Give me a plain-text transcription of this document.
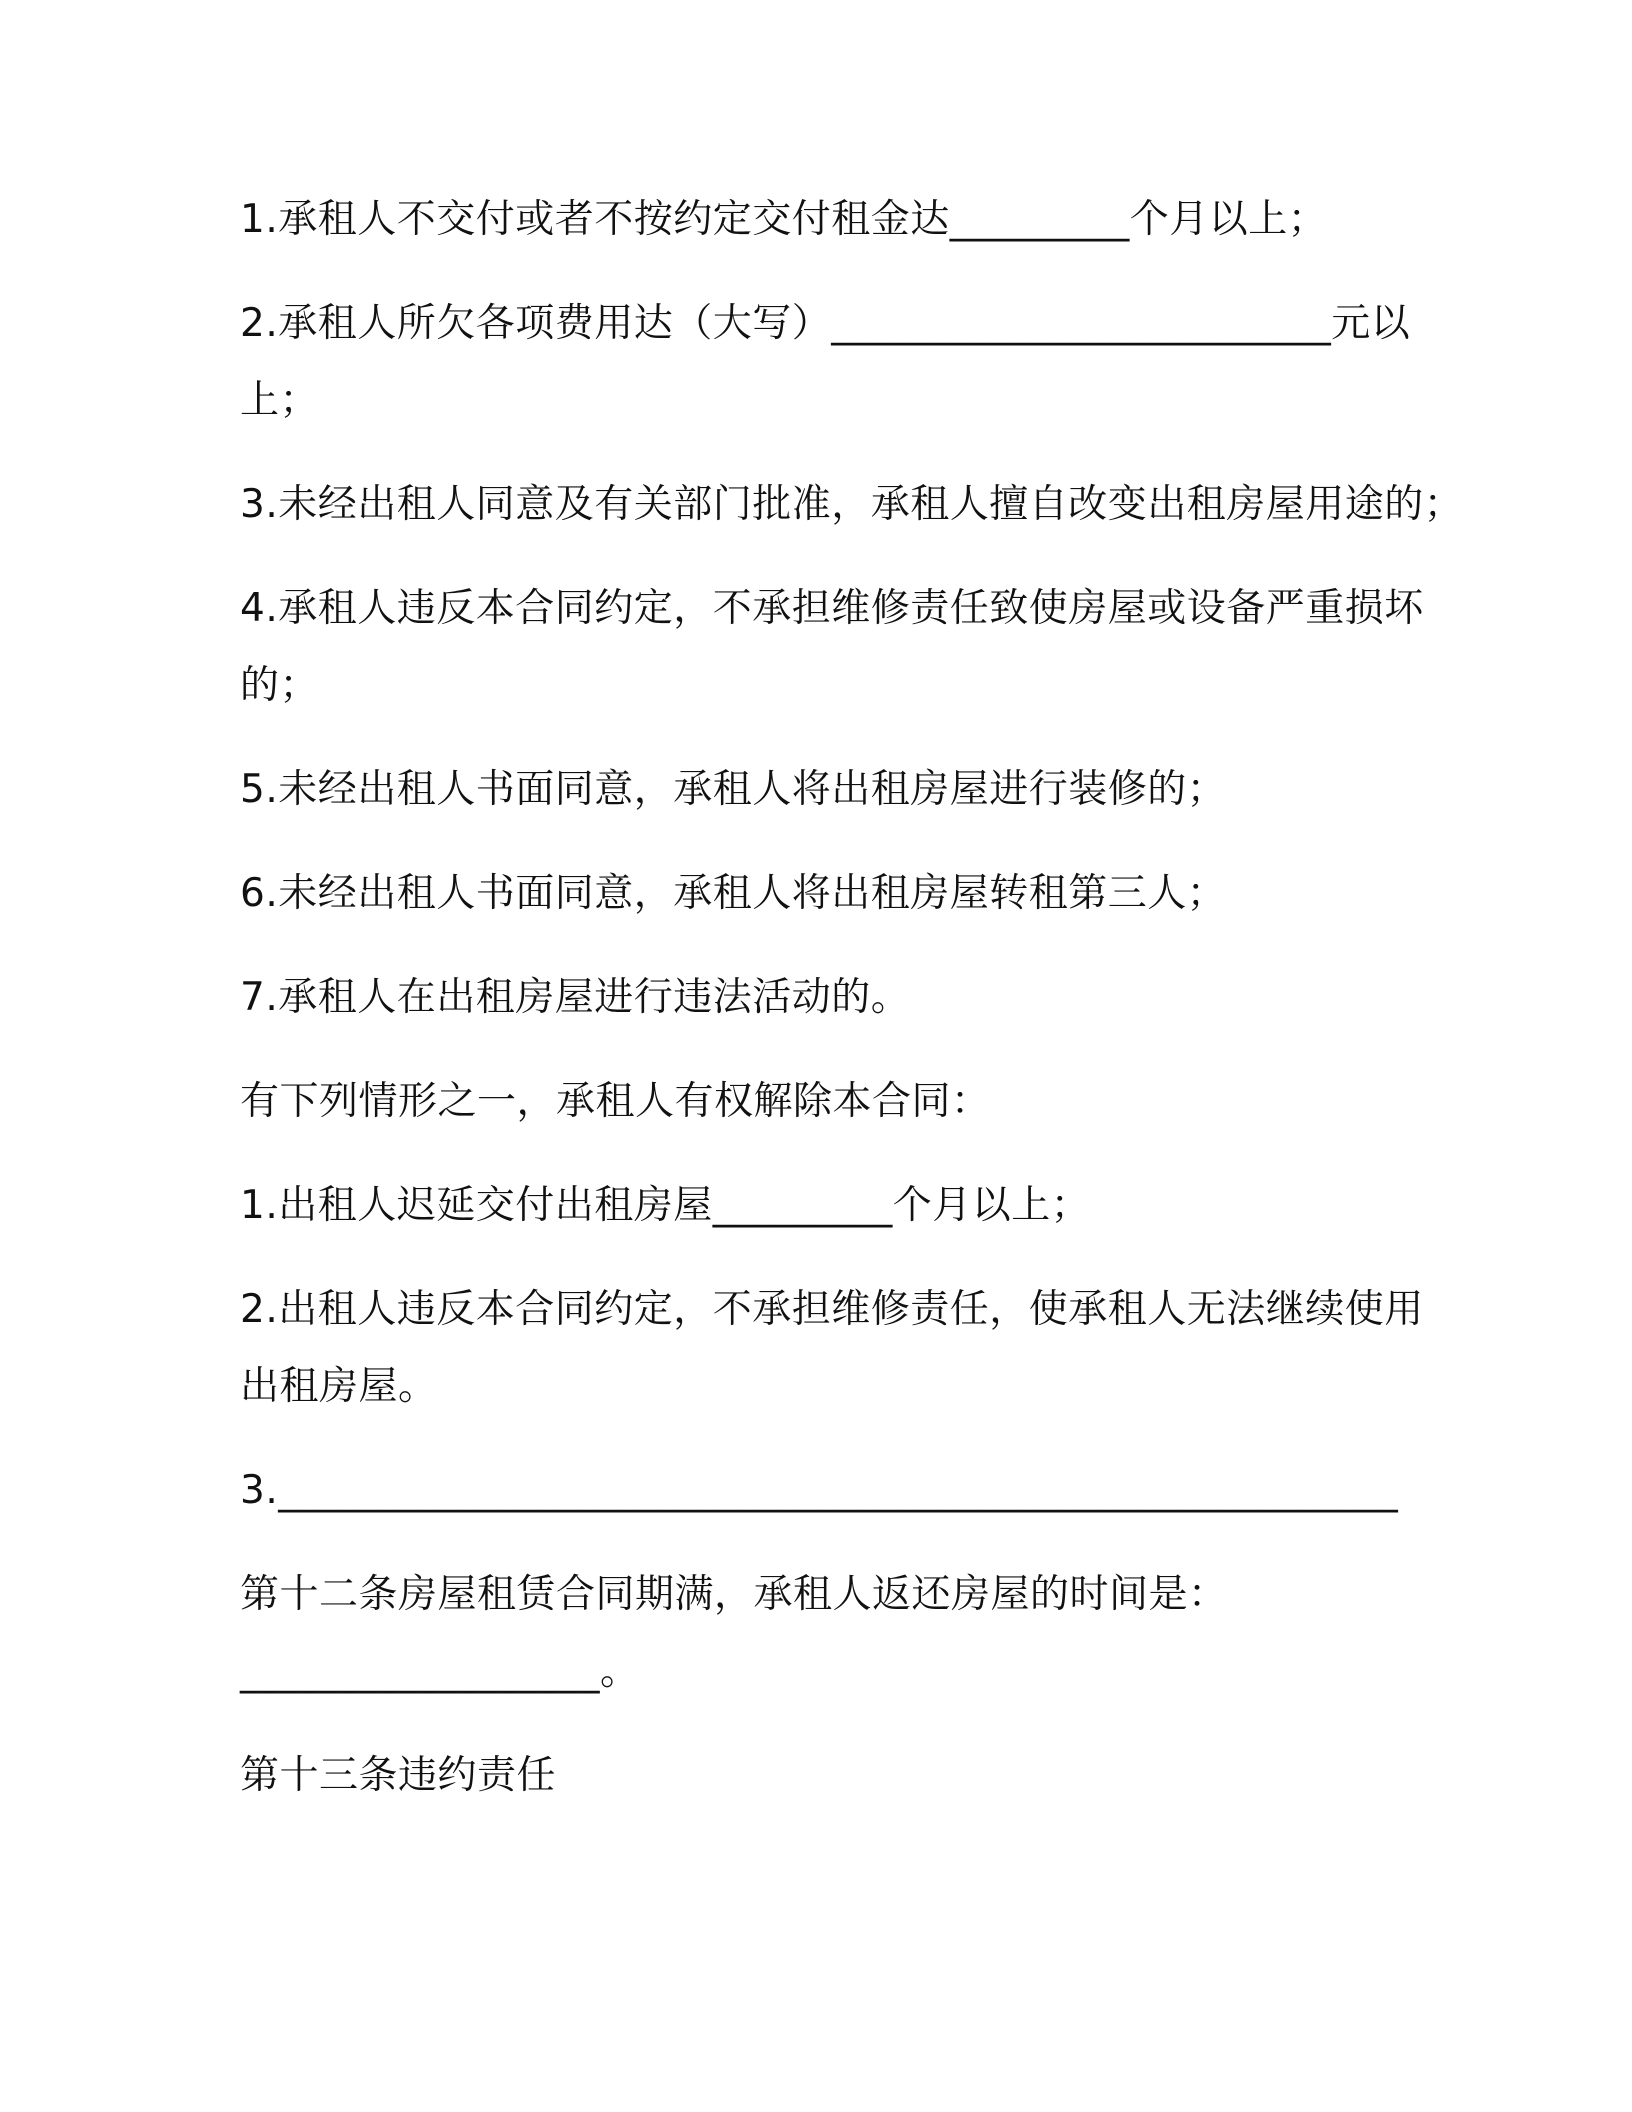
1.承租人不交付或者不按约定交付租金达_________个月以上；

2.承租人所欠各项费用达（大写）_________________________元以

上；

3.未经出租人同意及有关部门批准，承租人擅自改变出租房屋用途的；

4.承租人违反本合同约定，不承担维修责任致使房屋或设备严重损坏

的；

5.未经出租人书面同意，承租人将出租房屋进行装修的；

6.未经出租人书面同意，承租人将出租房屋转租第三人；

7.承租人在出租房屋进行违法活动的。

有下列情形之一，承租人有权解除本合同：

1.出租人迟延交付出租房屋_________个月以上；

2.出租人违反本合同约定，不承担维修责任，使承租人无法继续使用

出租房屋。

3.________________________________________________________

第十二条房屋租赁合同期满，承租人返还房屋的时间是：

__________________。

第十三条违约责任
